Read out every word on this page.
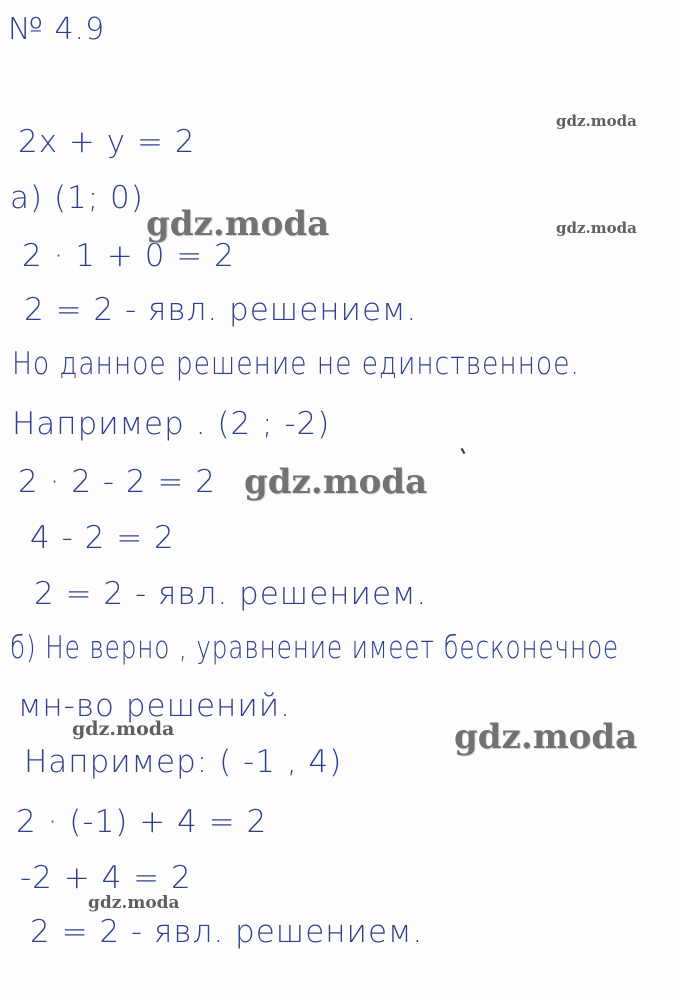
№ 4.9
2x + y = 2
а) (1; 0)
2 · 1 + 0 = 2
2 = 2 - явл. решением.
Но данное решение не единственное.
Например . (2 ; -2)
2 · 2 - 2 = 2
4 - 2 = 2
2 = 2 - явл. решением.
б) Не верно , уравнение имеет бесконечное
мн-во решений.
Например: ( -1 , 4)
2 · (-1) + 4 = 2
-2 + 4 = 2
2 = 2 - явл. решением.
gdz.moda
gdz.moda
gdz.moda
gdz.moda
gdz.moda	gdz.moda
gdz.moda
